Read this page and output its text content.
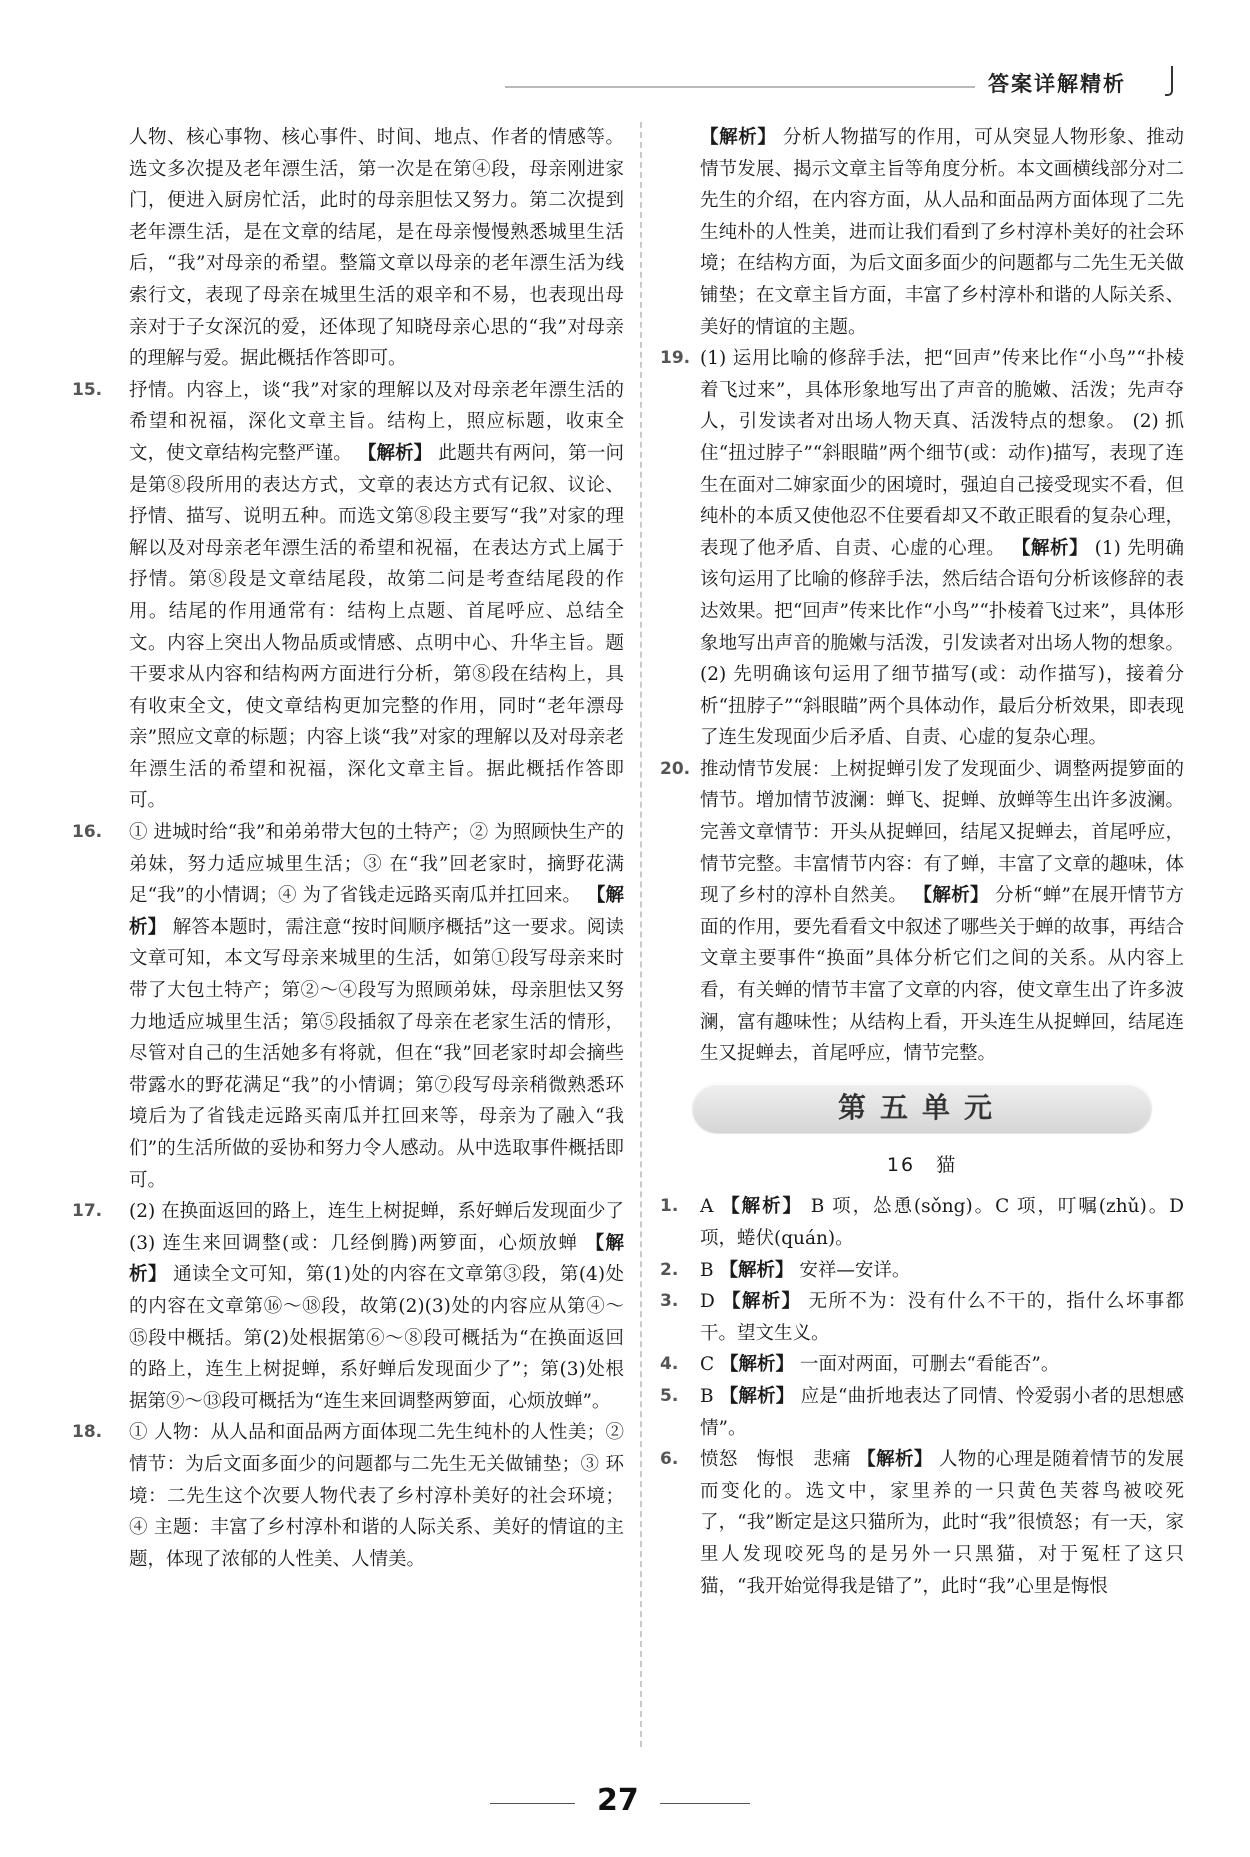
答案详解精析
人物、核心事物、核心事件、时间、地点、作者的情感等。选文多次提及老年漂生活，第一次是在第④段，母亲刚进家门，便进入厨房忙活，此时的母亲胆怯又努力。第二次提到老年漂生活，是在文章的结尾，是在母亲慢慢熟悉城里生活后，“我”对母亲的希望。整篇文章以母亲的老年漂生活为线索行文，表现了母亲在城里生活的艰辛和不易，也表现出母亲对于子女深沉的爱，还体现了知晓母亲心思的“我”对母亲的理解与爱。据此概括作答即可。
15. 抒情。内容上，谈“我”对家的理解以及对母亲老年漂生活的希望和祝福，深化文章主旨。结构上，照应标题，收束全文，使文章结构完整严谨。 【解析】 此题共有两问，第一问是第⑧段所用的表达方式，文章的表达方式有记叙、议论、抒情、描写、说明五种。而选文第⑧段主要写“我”对家的理解以及对母亲老年漂生活的希望和祝福，在表达方式上属于抒情。第⑧段是文章结尾段，故第二问是考查结尾段的作用。结尾的作用通常有：结构上点题、首尾呼应、总结全文。内容上突出人物品质或情感、点明中心、升华主旨。题干要求从内容和结构两方面进行分析，第⑧段在结构上，具有收束全文，使文章结构更加完整的作用，同时“老年漂母亲”照应文章的标题；内容上谈“我”对家的理解以及对母亲老年漂生活的希望和祝福，深化文章主旨。据此概括作答即可。
16. ① 进城时给“我”和弟弟带大包的土特产；② 为照顾快生产的弟妹，努力适应城里生活；③ 在“我”回老家时，摘野花满足“我”的小情调；④ 为了省钱走远路买南瓜并扛回来。 【解析】 解答本题时，需注意“按时间顺序概括”这一要求。阅读文章可知，本文写母亲来城里的生活，如第①段写母亲来时带了大包土特产；第②～④段写为照顾弟妹，母亲胆怯又努力地适应城里生活；第⑤段插叙了母亲在老家生活的情形，尽管对自己的生活她多有将就，但在“我”回老家时却会摘些带露水的野花满足“我”的小情调；第⑦段写母亲稍微熟悉环境后为了省钱走远路买南瓜并扛回来等，母亲为了融入“我们”的生活所做的妥协和努力令人感动。从中选取事件概括即可。
17. (2) 在换面返回的路上，连生上树捉蝉，系好蝉后发现面少了 (3) 连生来回调整(或：几经倒腾)两箩面，心烦放蝉 【解析】 通读全文可知，第(1)处的内容在文章第③段，第(4)处的内容在文章第⑯～⑱段，故第(2)(3)处的内容应从第④～⑮段中概括。第(2)处根据第⑥～⑧段可概括为“在换面返回的路上，连生上树捉蝉，系好蝉后发现面少了”；第(3)处根据第⑨～⑬段可概括为“连生来回调整两箩面，心烦放蝉”。
18. ① 人物：从人品和面品两方面体现二先生纯朴的人性美；② 情节：为后文面多面少的问题都与二先生无关做铺垫；③ 环境：二先生这个次要人物代表了乡村淳朴美好的社会环境；④ 主题：丰富了乡村淳朴和谐的人际关系、美好的情谊的主题，体现了浓郁的人性美、人情美。
【解析】 分析人物描写的作用，可从突显人物形象、推动情节发展、揭示文章主旨等角度分析。本文画横线部分对二先生的介绍，在内容方面，从人品和面品两方面体现了二先生纯朴的人性美，进而让我们看到了乡村淳朴美好的社会环境；在结构方面，为后文面多面少的问题都与二先生无关做铺垫；在文章主旨方面，丰富了乡村淳朴和谐的人际关系、美好的情谊的主题。
19. (1) 运用比喻的修辞手法，把“回声”传来比作“小鸟”“扑棱着飞过来”，具体形象地写出了声音的脆嫩、活泼；先声夺人，引发读者对出场人物天真、活泼特点的想象。 (2) 抓住“扭过脖子”“斜眼瞄”两个细节(或：动作)描写，表现了连生在面对二婶家面少的困境时，强迫自己接受现实不看，但纯朴的本质又使他忍不住要看却又不敢正眼看的复杂心理，表现了他矛盾、自责、心虚的心理。 【解析】 (1) 先明确该句运用了比喻的修辞手法，然后结合语句分析该修辞的表达效果。把“回声”传来比作“小鸟”“扑棱着飞过来”，具体形象地写出声音的脆嫩与活泼，引发读者对出场人物的想象。 (2) 先明确该句运用了细节描写(或：动作描写)，接着分析“扭脖子”“斜眼瞄”两个具体动作，最后分析效果，即表现了连生发现面少后矛盾、自责、心虚的复杂心理。
20. 推动情节发展：上树捉蝉引发了发现面少、调整两提箩面的情节。增加情节波澜：蝉飞、捉蝉、放蝉等生出许多波澜。完善文章情节：开头从捉蝉回，结尾又捉蝉去，首尾呼应，情节完整。丰富情节内容：有了蝉，丰富了文章的趣味，体现了乡村的淳朴自然美。 【解析】 分析“蝉”在展开情节方面的作用，要先看看文中叙述了哪些关于蝉的故事，再结合文章主要事件“换面”具体分析它们之间的关系。从内容上看，有关蝉的情节丰富了文章的内容，使文章生出了许多波澜，富有趣味性；从结构上看，开头连生从捉蝉回，结尾连生又捉蝉去，首尾呼应，情节完整。
第五单元
16　猫
1. A 【解析】 B 项，怂恿(sǒng)。C 项，叮嘱(zhǔ)。D 项，蜷伏(quán)。
2. B 【解析】 安祥—安详。
3. D 【解析】 无所不为：没有什么不干的，指什么坏事都干。望文生义。
4. C 【解析】 一面对两面，可删去“看能否”。
5. B 【解析】 应是“曲折地表达了同情、怜爱弱小者的思想感情”。
6. 愤怒　悔恨　悲痛 【解析】 人物的心理是随着情节的发展而变化的。选文中，家里养的一只黄色芙蓉鸟被咬死了，“我”断定是这只猫所为，此时“我”很愤怒；有一天，家里人发现咬死鸟的是另外一只黑猫，对于冤枉了这只猫，“我开始觉得我是错了”，此时“我”心里是悔恨
27
